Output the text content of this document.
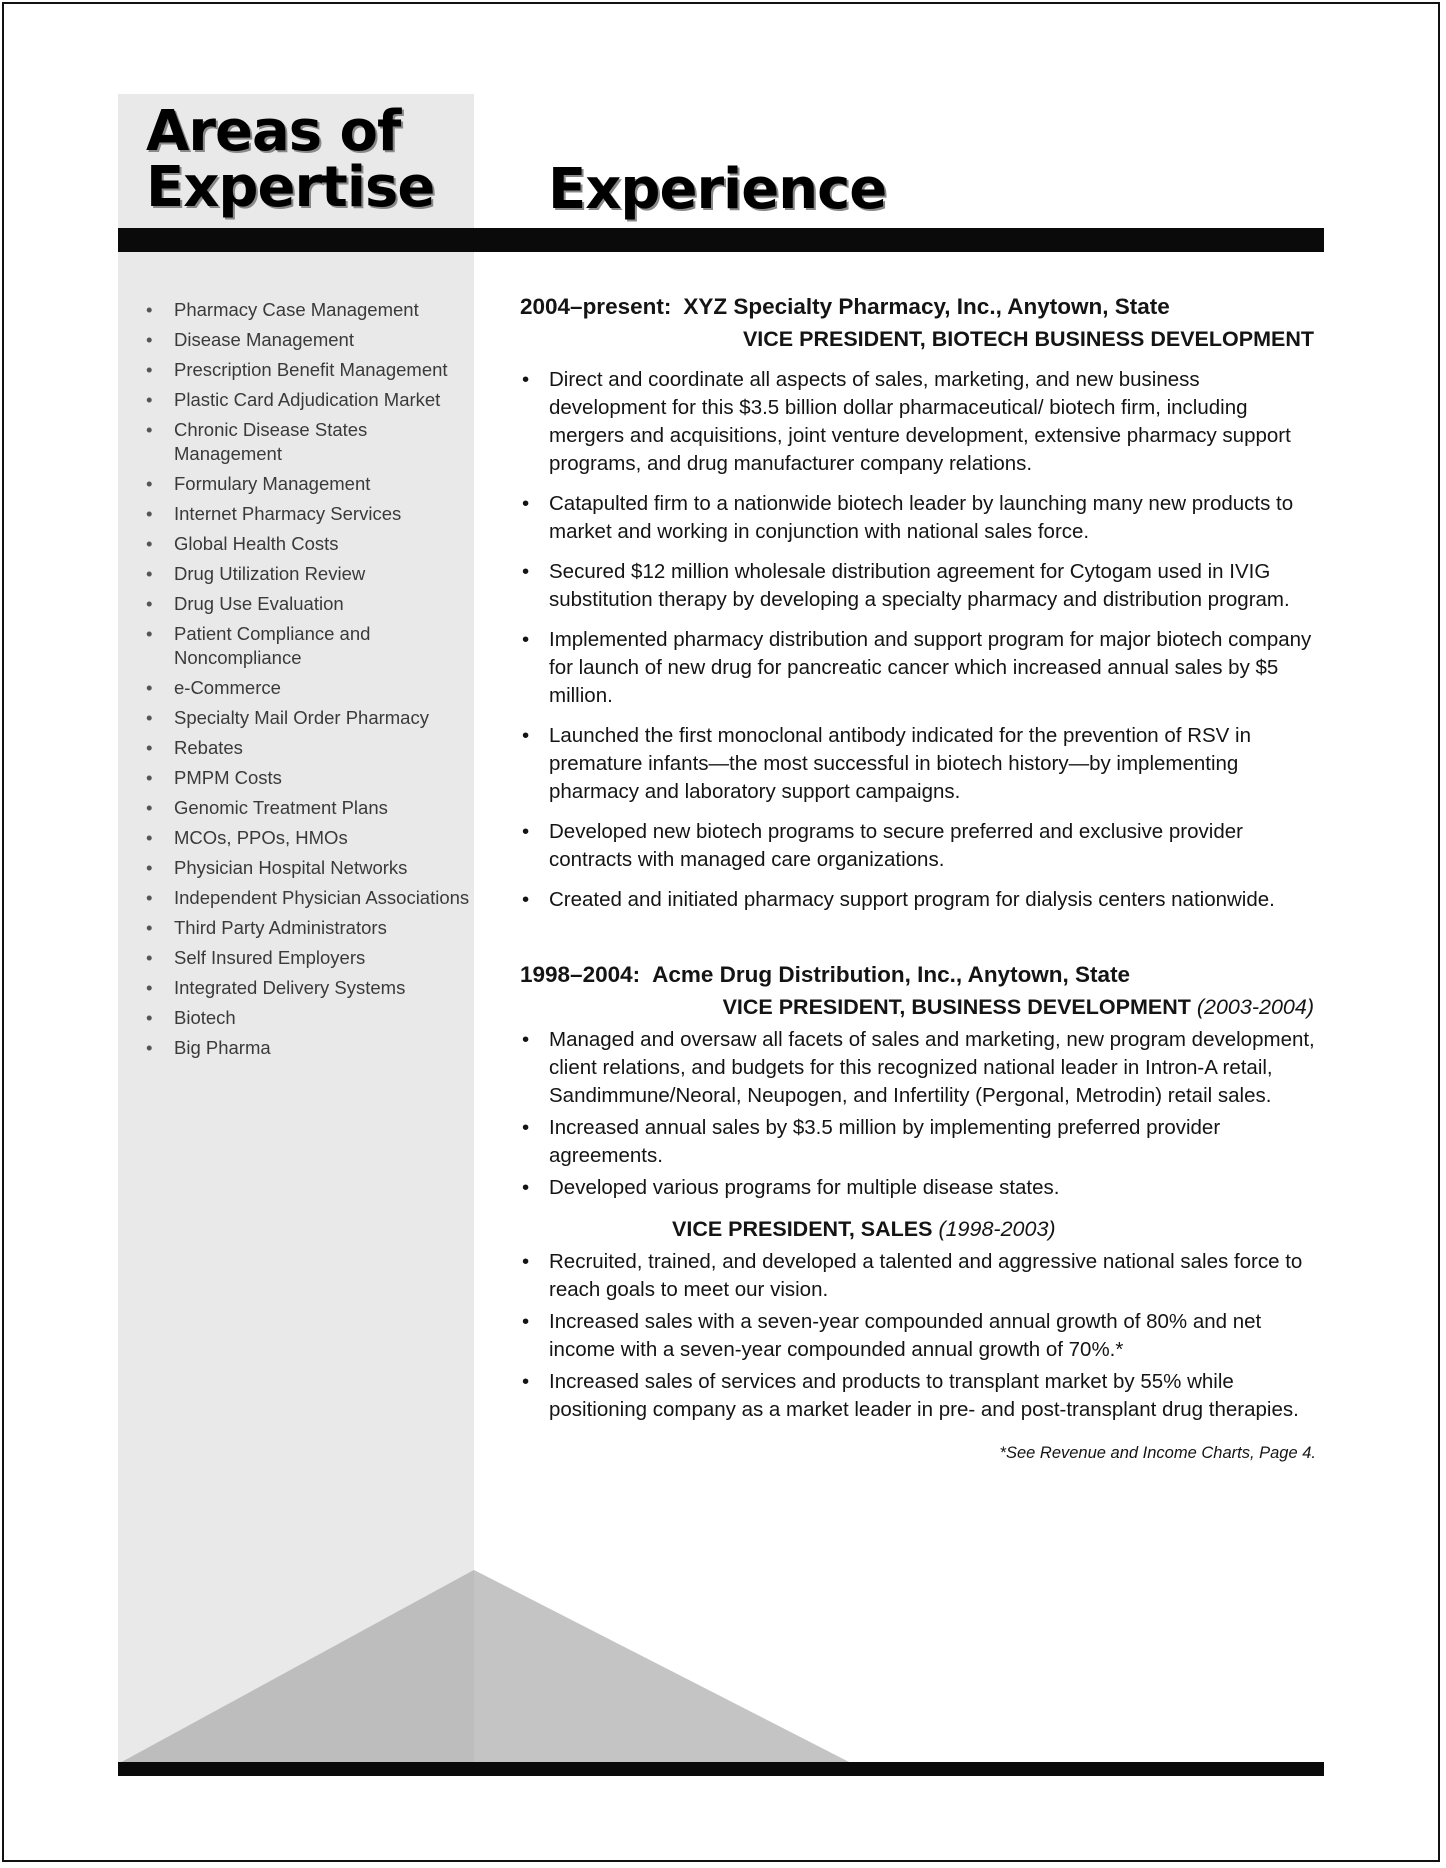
Areas of
Expertise Experience
• Pharmacy Case Management
• Disease Management
• Prescription Benefit Management
• Plastic Card Adjudication Market
• Chronic Disease States Management
• Formulary Management
• Internet Pharmacy Services
• Global Health Costs
• Drug Utilization Review
• Drug Use Evaluation
• Patient Compliance and Noncompliance
• e-Commerce
• Specialty Mail Order Pharmacy
• Rebates
• PMPM Costs
• Genomic Treatment Plans
• MCOs, PPOs, HMOs
• Physician Hospital Networks
• Independent Physician Associations
• Third Party Administrators
• Self Insured Employers
• Integrated Delivery Systems
• Biotech
• Big Pharma

2004–present: XYZ Specialty Pharmacy, Inc., Anytown, State

VICE PRESIDENT, BIOTECH BUSINESS DEVELOPMENT

• Direct and coordinate all aspects of sales, marketing, and new business development for this $3.5 billion dollar pharmaceutical/ biotech firm, including mergers and acquisitions, joint venture development, extensive pharmacy support programs, and drug manufacturer company relations.
• Catapulted firm to a nationwide biotech leader by launching many new products to market and working in conjunction with national sales force.
• Secured $12 million wholesale distribution agreement for Cytogam used in IVIG substitution therapy by developing a specialty pharmacy and distribution program.
• Implemented pharmacy distribution and support program for major biotech company for launch of new drug for pancreatic cancer which increased annual sales by $5 million.
• Launched the first monoclonal antibody indicated for the prevention of RSV in premature infants—the most successful in biotech history—by implementing pharmacy and laboratory support campaigns.
• Developed new biotech programs to secure preferred and exclusive provider contracts with managed care organizations.
• Created and initiated pharmacy support program for dialysis centers nationwide.

1998–2004: Acme Drug Distribution, Inc., Anytown, State

VICE PRESIDENT, BUSINESS DEVELOPMENT (2003-2004)

• Managed and oversaw all facets of sales and marketing, new program development, client relations, and budgets for this recognized national leader in Intron-A retail, Sandimmune/Neoral, Neupogen, and Infertility (Pergonal, Metrodin) retail sales.
• Increased annual sales by $3.5 million by implementing preferred provider agreements.
• Developed various programs for multiple disease states.

VICE PRESIDENT, SALES (1998-2003)

• Recruited, trained, and developed a talented and aggressive national sales force to reach goals to meet our vision.
• Increased sales with a seven-year compounded annual growth of 80% and net income with a seven-year compounded annual growth of 70%.*
• Increased sales of services and products to transplant market by 55% while positioning company as a market leader in pre- and post-transplant drug therapies.

*See Revenue and Income Charts, Page 4.
